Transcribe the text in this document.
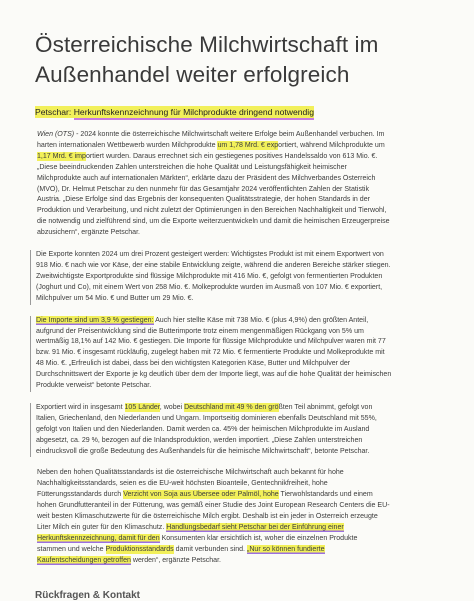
Österreichische Milchwirtschaft im
Außenhandel weiter erfolgreich
Petschar: Herkunftskennzeichnung für Milchprodukte dringend notwendig
Wien (OTS) - 2024 konnte die österreichische Milchwirtschaft weitere Erfolge beim Außenhandel verbuchen. Im
harten internationalen Wettbewerb wurden Milchprodukte um 1,78 Mrd. € exportiert, während Milchprodukte um
1,17 Mrd. € importiert wurden. Daraus errechnet sich ein gestiegenes positives Handelssaldo von 613 Mio. €.
„Diese beeindruckenden Zahlen unterstreichen die hohe Qualität und Leistungsfähigkeit heimischer
Milchprodukte auch auf internationalen Märkten“, erklärte dazu der Präsident des Milchverbandes Österreich
(MVÖ), Dr. Helmut Petschar zu den nunmehr für das Gesamtjahr 2024 veröffentlichten Zahlen der Statistik
Austria. „Diese Erfolge sind das Ergebnis der konsequenten Qualitätsstrategie, der hohen Standards in der
Produktion und Verarbeitung, und nicht zuletzt der Optimierungen in den Bereichen Nachhaltigkeit und Tierwohl,
die notwendig und zielführend sind, um die Exporte weiterzuentwickeln und damit die heimischen Erzeugerpreise
abzusichern“, ergänzte Petschar.
Die Exporte konnten 2024 um drei Prozent gesteigert werden: Wichtigstes Produkt ist mit einem Exportwert von
918 Mio. € nach wie vor Käse, der eine stabile Entwicklung zeigte, während die anderen Bereiche stärker stiegen.
Zweitwichtigste Exportprodukte sind flüssige Milchprodukte mit 416 Mio. €, gefolgt von fermentierten Produkten
(Joghurt und Co), mit einem Wert von 258 Mio. €. Molkeprodukte wurden im Ausmaß von 107 Mio. € exportiert,
Milchpulver um 54 Mio. € und Butter um 29 Mio. €.
Die Importe sind um 3,9 % gestiegen: Auch hier stellte Käse mit 738 Mio. € (plus 4,9%) den größten Anteil,
aufgrund der Preisentwicklung sind die Butterimporte trotz einem mengenmäßigen Rückgang von 5% um
wertmäßig 18,1% auf 142 Mio. € gestiegen. Die Importe für flüssige Milchprodukte und Milchpulver waren mit 77
bzw. 91 Mio. € insgesamt rückläufig, zugelegt haben mit 72 Mio. € fermentierte Produkte und Molkeprodukte mit
48 Mio. €. „Erfreulich ist dabei, dass bei den wichtigsten Kategorien Käse, Butter und Milchpulver der
Durchschnittswert der Exporte je kg deutlich über dem der Importe liegt, was auf die hohe Qualität der heimischen
Produkte verweist“ betonte Petschar.
Exportiert wird in insgesamt 105 Länder, wobei Deutschland mit 49 % den größten Teil abnimmt, gefolgt von
Italien, Griechenland, den Niederlanden und Ungarn. Importseitig dominieren ebenfalls Deutschland mit 55%,
gefolgt von Italien und den Niederlanden. Damit werden ca. 45% der heimischen Milchprodukte im Ausland
abgesetzt, ca. 29 %, bezogen auf die Inlandsproduktion, werden importiert. „Diese Zahlen unterstreichen
eindrucksvoll die große Bedeutung des Außenhandels für die heimische Milchwirtschaft“, betonte Petschar.
Neben den hohen Qualitätsstandards ist die österreichische Milchwirtschaft auch bekannt für hohe
Nachhaltigkeitsstandards, seien es die EU-weit höchsten Bioanteile, Gentechnikfreiheit, hohe
Fütterungsstandards durch Verzicht von Soja aus Übersee oder Palmöl, hohe Tierwohlstandards und einem
hohen Grundfutteranteil in der Fütterung, was gemäß einer Studie des Joint European Research Centers die EU-
weit besten Klimaschutzwerte für die österreichische Milch ergibt. Deshalb ist ein jeder in Österreich erzeugte
Liter Milch ein guter für den Klimaschutz. Handlungsbedarf sieht Petschar bei der Einführung einer
Herkunftskennzeichnung, damit für den Konsumenten klar ersichtlich ist, woher die einzelnen Produkte
stammen und welche Produktionsstandards damit verbunden sind. „Nur so können fundierte
Kaufentscheidungen getroffen werden“, ergänzte Petschar.
Rückfragen & Kontakt
